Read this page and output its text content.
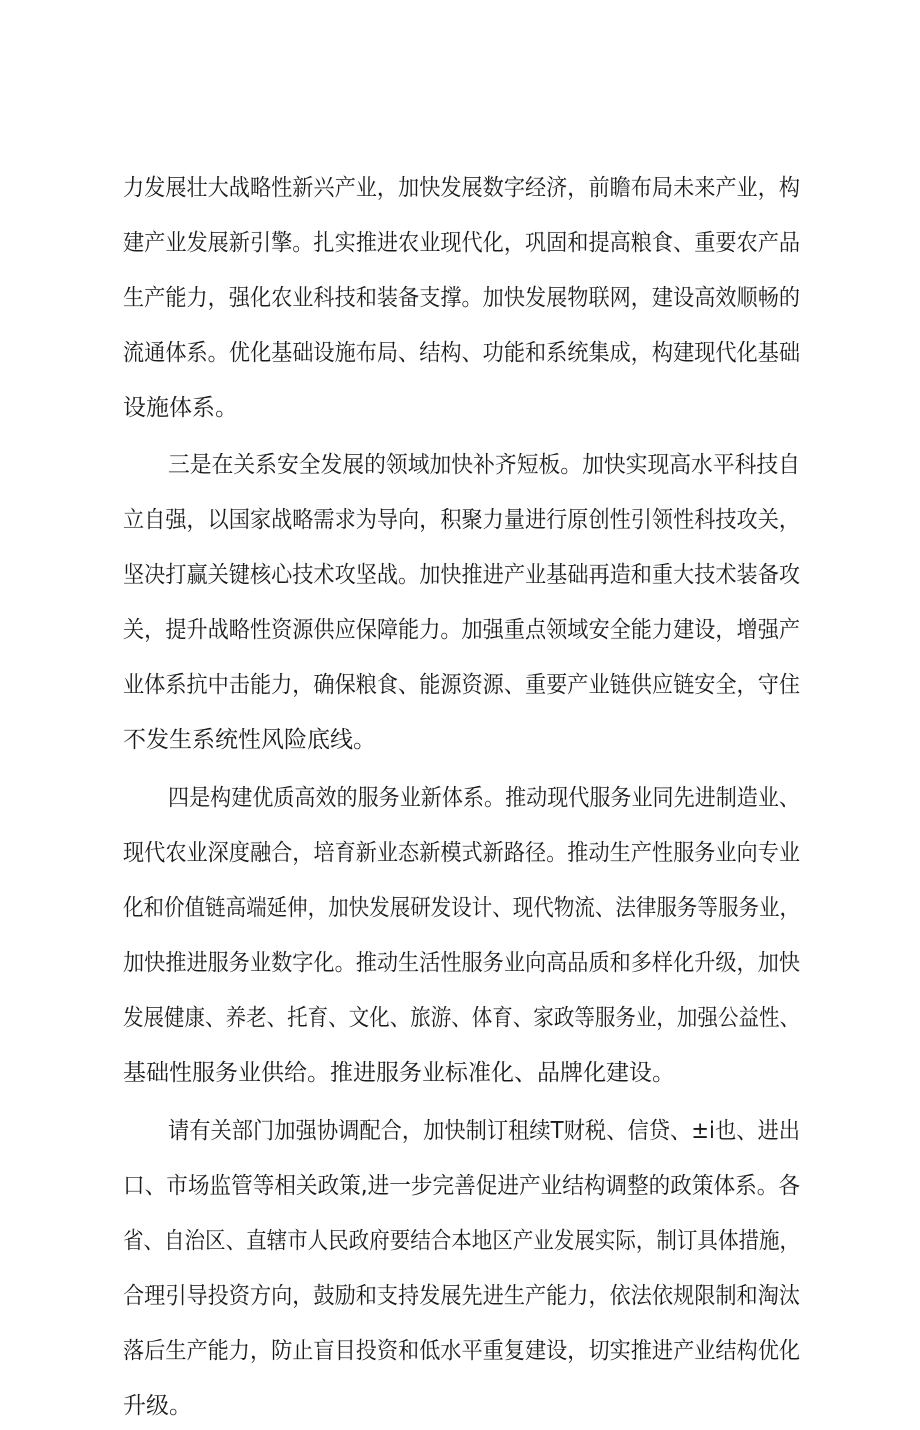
力发展壮大战略性新兴产业，加快发展数字经济，前瞻布局未来产业，构
建产业发展新引擎。扎实推进农业现代化，巩固和提高粮食、重要农产品
生产能力，强化农业科技和装备支撑。加快发展物联网，建设高效顺畅的
流通体系。优化基础设施布局、结构、功能和系统集成，构建现代化基础
设施体系。
三是在关系安全发展的领域加快补齐短板。加快实现高水平科技自
立自强，以国家战略需求为导向，积聚力量进行原创性引领性科技攻关，
坚决打赢关键核心技术攻坚战。加快推进产业基础再造和重大技术装备攻
关，提升战略性资源供应保障能力。加强重点领域安全能力建设，增强产
业体系抗中击能力，确保粮食、能源资源、重要产业链供应链安全，守住
不发生系统性风险底线。
四是构建优质高效的服务业新体系。推动现代服务业同先进制造业、
现代农业深度融合，培育新业态新模式新路径。推动生产性服务业向专业
化和价值链高端延伸，加快发展研发设计、现代物流、法律服务等服务业，
加快推进服务业数字化。推动生活性服务业向高品质和多样化升级，加快
发展健康、养老、托育、文化、旅游、体育、家政等服务业，加强公益性、
基础性服务业供给。推进服务业标准化、品牌化建设。
请有关部门加强协调配合，加快制订租续T财税、信贷、±i也、进出
口、市场监管等相关政策,进一步完善促进产业结构调整的政策体系。各
省、自治区、直辖市人民政府要结合本地区产业发展实际，制订具体措施，
合理引导投资方向，鼓励和支持发展先进生产能力，依法依规限制和淘汰
落后生产能力，防止盲目投资和低水平重复建设，切实推进产业结构优化
升级。
